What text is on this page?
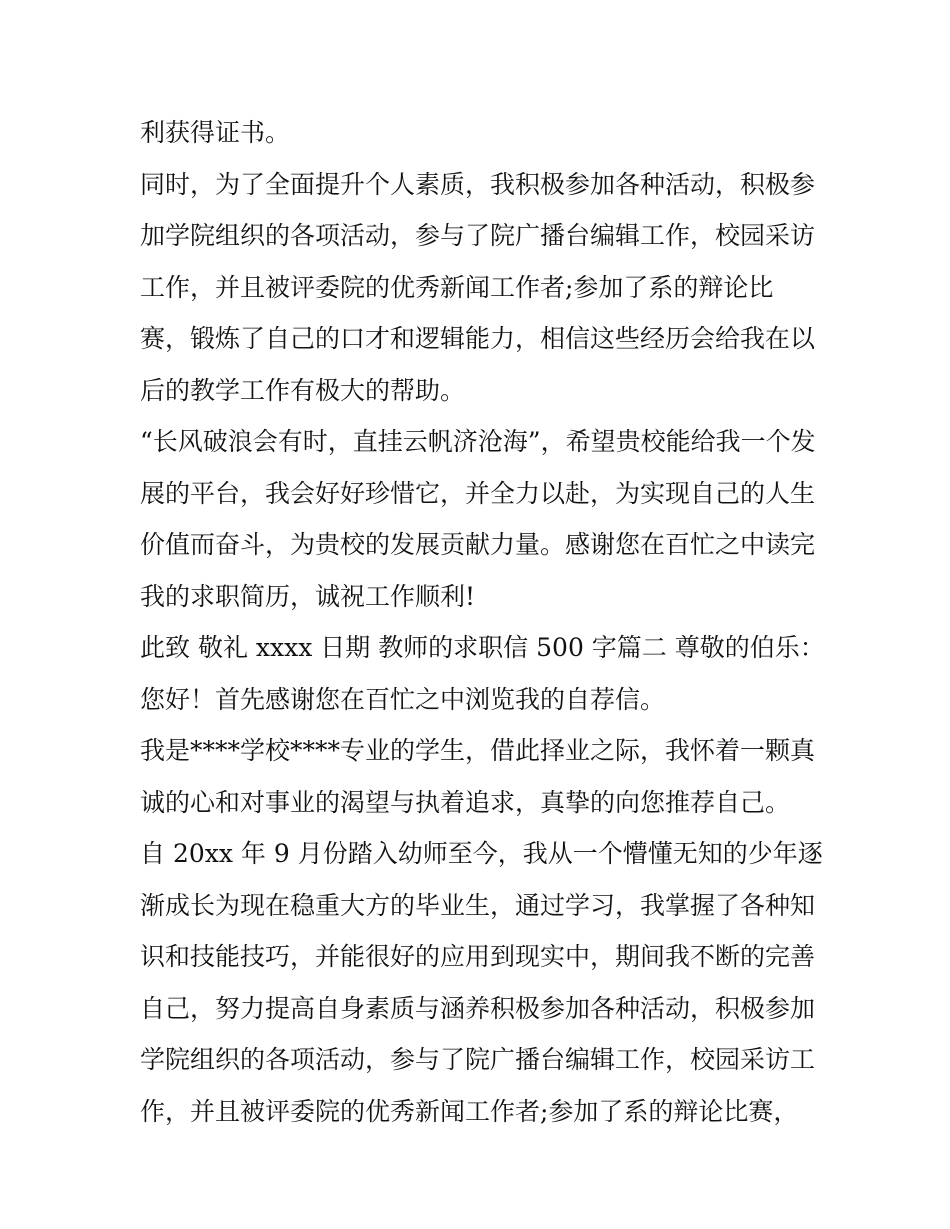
利获得证书。
同时，为了全面提升个人素质，我积极参加各种活动，积极参
加学院组织的各项活动，参与了院广播台编辑工作，校园采访
工作，并且被评委院的优秀新闻工作者;参加了系的辩论比
赛，锻炼了自己的口才和逻辑能力，相信这些经历会给我在以
后的教学工作有极大的帮助。
“长风破浪会有时，直挂云帆济沧海”，希望贵校能给我一个发
展的平台，我会好好珍惜它，并全力以赴，为实现自己的人生
价值而奋斗，为贵校的发展贡献力量。感谢您在百忙之中读完
我的求职简历，诚祝工作顺利!
此致 敬礼 xxxx 日期 教师的求职信 500 字篇二 尊敬的伯乐：
您好！首先感谢您在百忙之中浏览我的自荐信。
我是****学校****专业的学生，借此择业之际，我怀着一颗真
诚的心和对事业的渴望与执着追求，真挚的向您推荐自己。
自 20xx 年 9 月份踏入幼师至今，我从一个懵懂无知的少年逐
渐成长为现在稳重大方的毕业生，通过学习，我掌握了各种知
识和技能技巧，并能很好的应用到现实中，期间我不断的完善
自己，努力提高自身素质与涵养积极参加各种活动，积极参加
学院组织的各项活动，参与了院广播台编辑工作，校园采访工
作，并且被评委院的优秀新闻工作者;参加了系的辩论比赛，
